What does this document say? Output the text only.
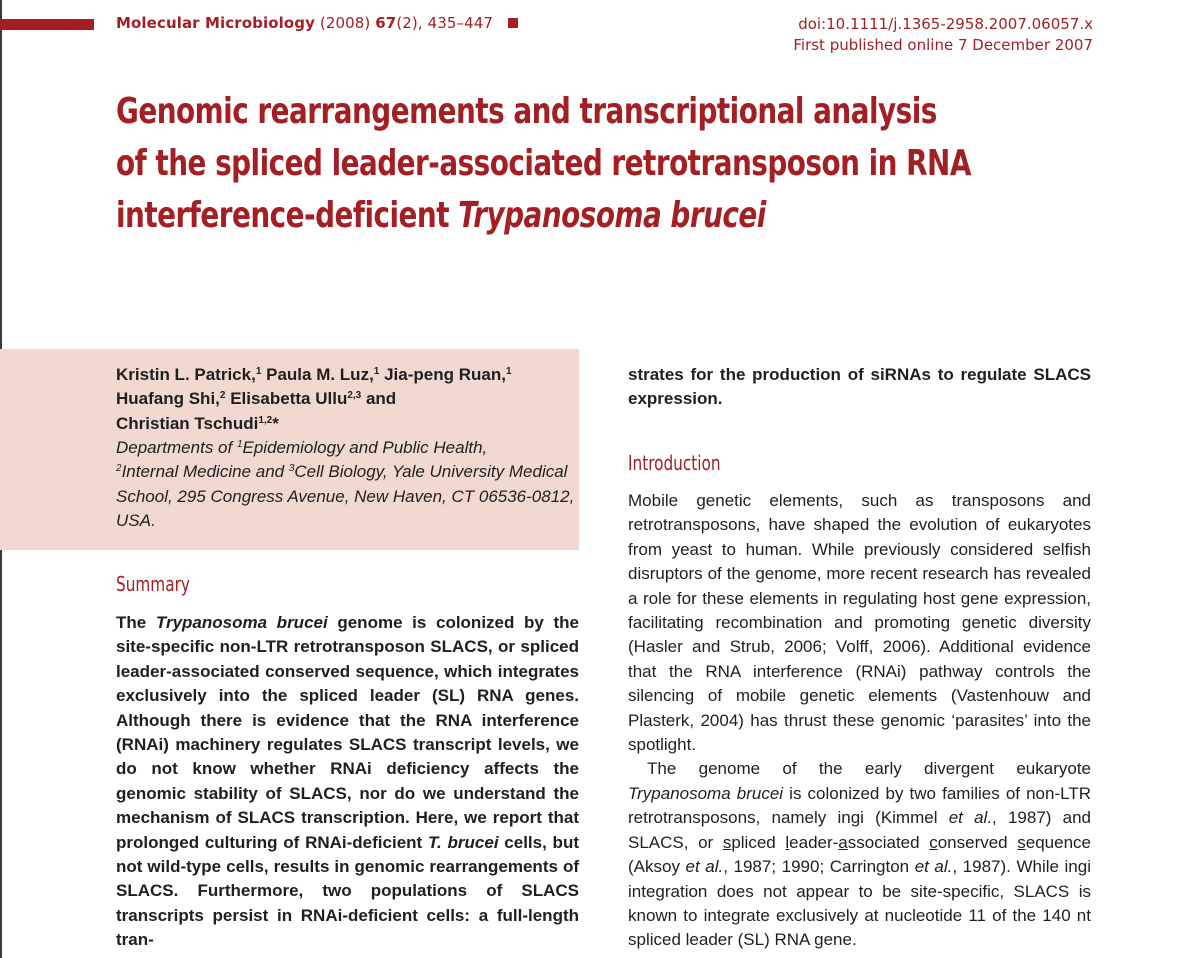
Molecular Microbiology (2008) 67(2), 435–447	doi:10.1111/j.1365-2958.2007.06057.x
First published online 7 December 2007
Genomic rearrangements and transcriptional analysis
of the spliced leader-associated retrotransposon in RNA
interference-deficient Trypanosoma brucei
Kristin L. Patrick,$^1$ Paula M. Luz,$^1$ Jia-peng Ruan,$^1$
Huafang Shi,$^2$ Elisabetta Ullu$^{2,3}$ and
Christian Tschudi$^{1,2}$*
Departments of $^1$Epidemiology and Public Health,
$^2$Internal Medicine and $^3$Cell Biology, Yale University Medical School, 295 Congress Avenue, New Haven, CT 06536-0812, USA.
Summary

The Trypanosoma brucei genome is colonized by the site-specific non-LTR retrotransposon SLACS, or spliced leader-associated conserved sequence, which integrates exclusively into the spliced leader (SL) RNA genes. Although there is evidence that the RNA interference (RNAi) machinery regulates SLACS transcript levels, we do not know whether RNAi deficiency affects the genomic stability of SLACS, nor do we understand the mechanism of SLACS transcription. Here, we report that prolonged culturing of RNAi-deficient T. brucei cells, but not wild-type cells, results in genomic rearrangements of SLACS. Furthermore, two populations of SLACS transcripts persist in RNAi-deficient cells: a full-length tran-

strates for the production of siRNAs to regulate SLACS expression.

Introduction

Mobile genetic elements, such as transposons and retrotransposons, have shaped the evolution of eukaryotes from yeast to human. While previously considered selfish disruptors of the genome, more recent research has revealed a role for these elements in regulating host gene expression, facilitating recombination and promoting genetic diversity (Hasler and Strub, 2006; Volff, 2006). Additional evidence that the RNA interference (RNAi) pathway controls the silencing of mobile genetic elements (Vastenhouw and Plasterk, 2004) has thrust these genomic ‘parasites’ into the spotlight.

The genome of the early divergent eukaryote Trypanosoma brucei is colonized by two families of non-LTR retrotransposons, namely ingi (Kimmel et al., 1987) and SLACS, or spliced leader-associated conserved sequence (Aksoy et al., 1987; 1990; Carrington et al., 1987). While ingi integration does not appear to be site-specific, SLACS is known to integrate exclusively at nucleotide 11 of the 140 nt spliced leader (SL) RNA gene.
